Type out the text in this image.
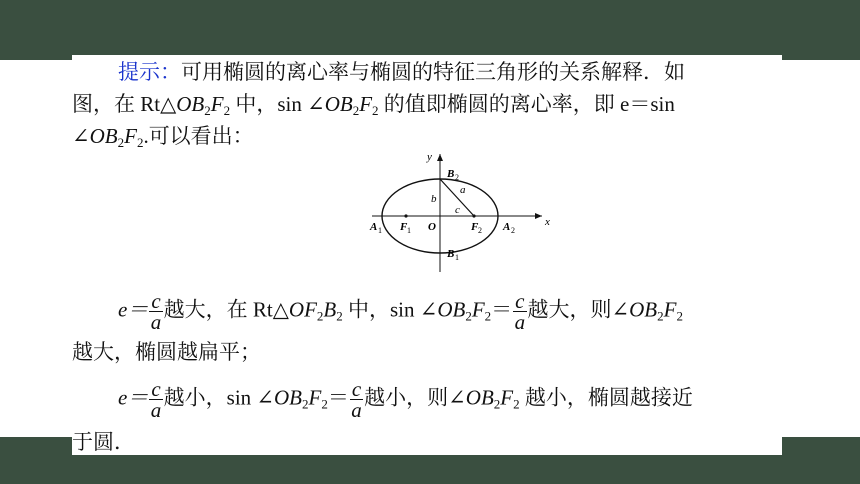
提示：可用椭圆的离心率与椭圆的特征三角形的关系解释．如
图，在 $Rt\triangle OB_2F_2$ 中，$\sin \angle OB_2F_2$ 的值即椭圆的离心率，即 e＝sin
$\angle OB_2F_2$.可以看出：
y
x
B 2
B 1
A 1	A 2
F 1	F 2
O
a
b
c
$e= \frac{c}{a}$ 越大，在 $Rt\triangle OF_2B_2$ 中，$\sin \angle OB_2F_2= \frac{c}{a}$ 越大，则$\angle OB_2F_2$
越大，椭圆越扁平；
$e= \frac{c}{a}$ 越小，$\sin \angle OB_2F_2= \frac{c}{a}$ 越小，则$\angle OB_2F_2$ 越小，椭圆越接近
于圆．
